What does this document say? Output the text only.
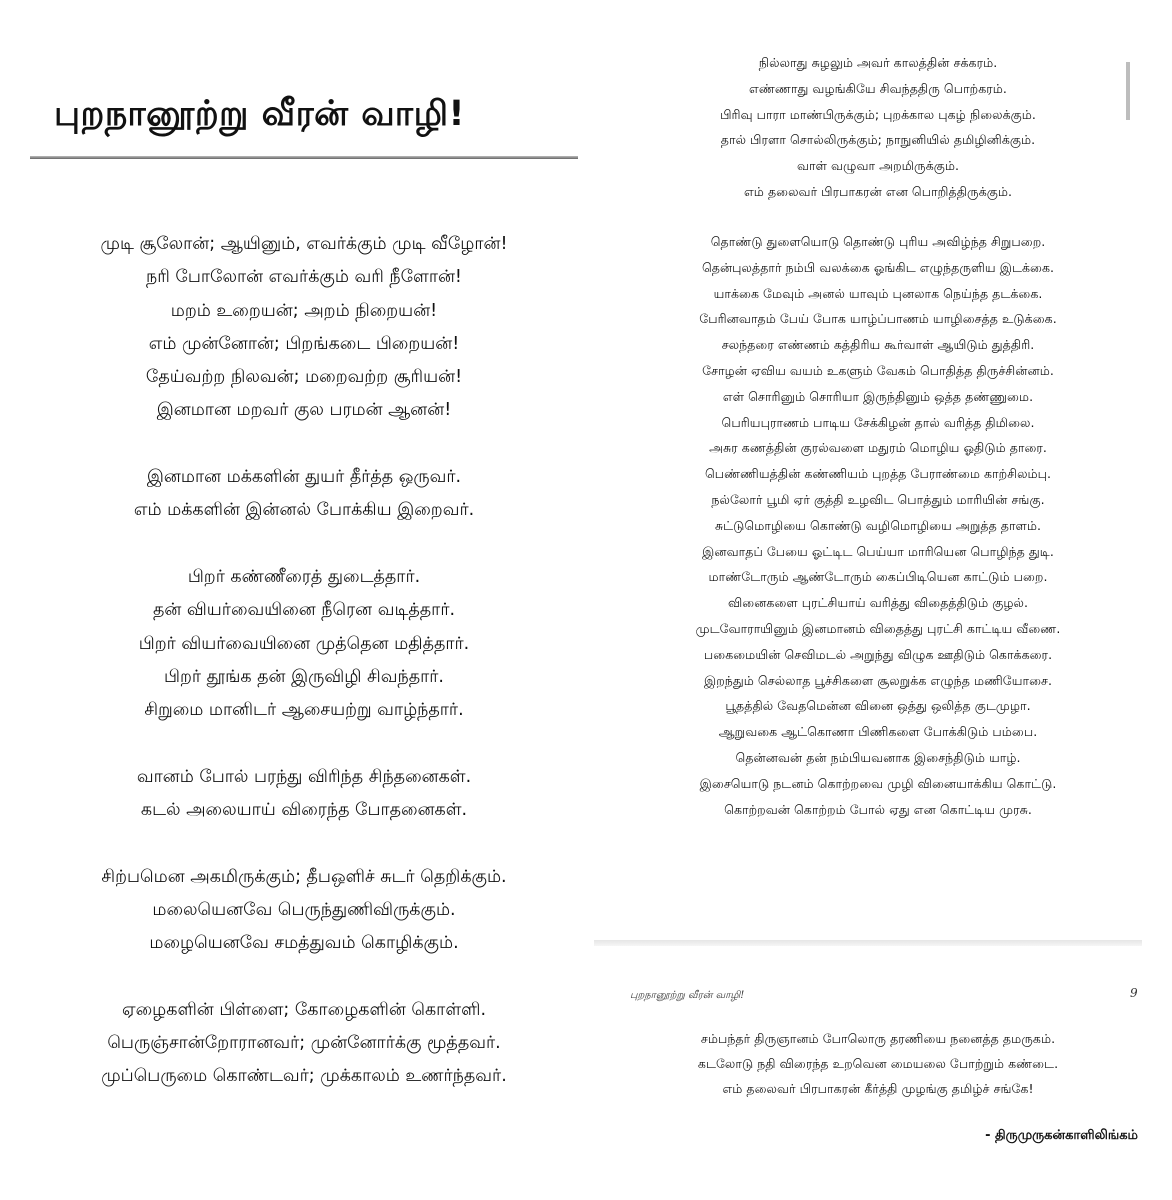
புறநானூற்று வீரன் வாழி!
முடி சூலோன்; ஆயினும், எவர்க்கும் முடி வீழோன்!
நரி போலோன் எவர்க்கும் வரி நீளோன்!
மறம் உறையன்; அறம் நிறையன்!
எம் முன்னோன்; பிறங்கடை பிறையன்!
தேய்வற்ற நிலவன்; மறைவற்ற சூரியன்!
இனமான மறவர் குல பரமன் ஆனன்!
இனமான மக்களின் துயர் தீர்த்த ஒருவர்.
எம் மக்களின் இன்னல் போக்கிய இறைவர்.
பிறர் கண்ணீரைத் துடைத்தார்.
தன் வியர்வையினை நீரென வடித்தார்.
பிறர் வியர்வையினை முத்தென மதித்தார்.
பிறர் தூங்க தன் இருவிழி சிவந்தார்.
சிறுமை மானிடர் ஆசையற்று வாழ்ந்தார்.
வானம் போல் பரந்து விரிந்த சிந்தனைகள்.
கடல் அலையாய் விரைந்த போதனைகள்.
சிற்பமென அகமிருக்கும்; தீபஒளிச் சுடர் தெறிக்கும்.
மலையெனவே பெருந்துணிவிருக்கும்.
மழையெனவே சமத்துவம் கொழிக்கும்.
ஏழைகளின் பிள்ளை; கோழைகளின் கொள்ளி.
பெருஞ்சான்றோரானவர்; முன்னோர்க்கு மூத்தவர்.
முப்பெருமை கொண்டவர்; முக்காலம் உணர்ந்தவர்.
நில்லாது சுழலும் அவர் காலத்தின் சக்கரம்.
எண்ணாது வழங்கியே சிவந்ததிரு பொற்கரம்.
பிரிவு பாரா மாண்பிருக்கும்; புறக்கால புகழ் நிலைக்கும்.
தால் பிரளா சொல்லிருக்கும்; நாநுனியில் தமிழினிக்கும்.
வாள் வழுவா அறமிருக்கும்.
எம் தலைவர் பிரபாகரன் என பொறித்திருக்கும்.
தொண்டு துளையொடு தொண்டு புரிய அவிழ்ந்த சிறுபறை.
தென்புலத்தார் நம்பி வலக்கை ஓங்கிட எழுந்தருளிய இடக்கை.
யாக்கை மேவும் அனல் யாவும் புனலாக நெய்ந்த தடக்கை.
பேரினவாதம் பேய் போக யாழ்ப்பாணம் யாழிசைத்த உடுக்கை.
சலந்தரை எண்ணம் கத்திரிய கூர்வாள் ஆயிடும் துத்திரி.
சோழன் ஏவிய வயம் உகளும் வேகம் பொதித்த திருச்சின்னம்.
எள் சொரினும் சொரியா இருந்தினும் ஒத்த தண்ணுமை.
பெரியபுராணம் பாடிய சேக்கிழன் தால் வரித்த திமிலை.
அசுர கணத்தின் குரல்வளை மதுரம் மொழிய ஓதிடும் தாரை.
பெண்ணியத்தின் கண்ணியம் புறத்த பேராண்மை காற்சிலம்பு.
நல்லோர் பூமி ஏர் குத்தி உழவிட பொத்தும் மாரியின் சங்கு.
சுட்டுமொழியை கொண்டு வழிமொழியை அறுத்த தாளம்.
இனவாதப் பேயை ஓட்டிட பெய்யா மாரியென பொழிந்த துடி.
மாண்டோரும் ஆண்டோரும் கைப்பிடியென காட்டும் பறை.
வினைகளை புரட்சியாய் வரித்து விதைத்திடும் குழல்.
முடவோராயினும் இனமானம் விதைத்து புரட்சி காட்டிய வீணை.
பகைமையின் செவிமடல் அறுந்து விழுக ஊதிடும் கொக்கரை.
இறந்தும் செல்லாத பூச்சிகளை சூலறுக்க எழுந்த மணியோசை.
பூதத்தில் வேதமென்ன வினை ஒத்து ஒலித்த குடமுழா.
ஆறுவகை ஆட்கொணா பிணிகளை போக்கிடும் பம்பை.
தென்னவன் தன் நம்பியவனாக இசைந்திடும் யாழ்.
இசையொடு நடனம் கொற்றவை முழி வினையாக்கிய கொட்டு.
கொற்றவன் கொற்றம் போல் ஏது என கொட்டிய முரசு.
புறநானூற்று வீரன் வாழி!	9
சம்பந்தர் திருஞானம் போலொரு தரணியை நனைத்த தமருகம்.
கடலோடு நதி விரைந்த உறவென மையலை போற்றும் கண்டை.
எம் தலைவர் பிரபாகரன் கீர்த்தி முழங்கு தமிழ்ச் சங்கே!
- திருமுருகன்காளிலிங்கம்
